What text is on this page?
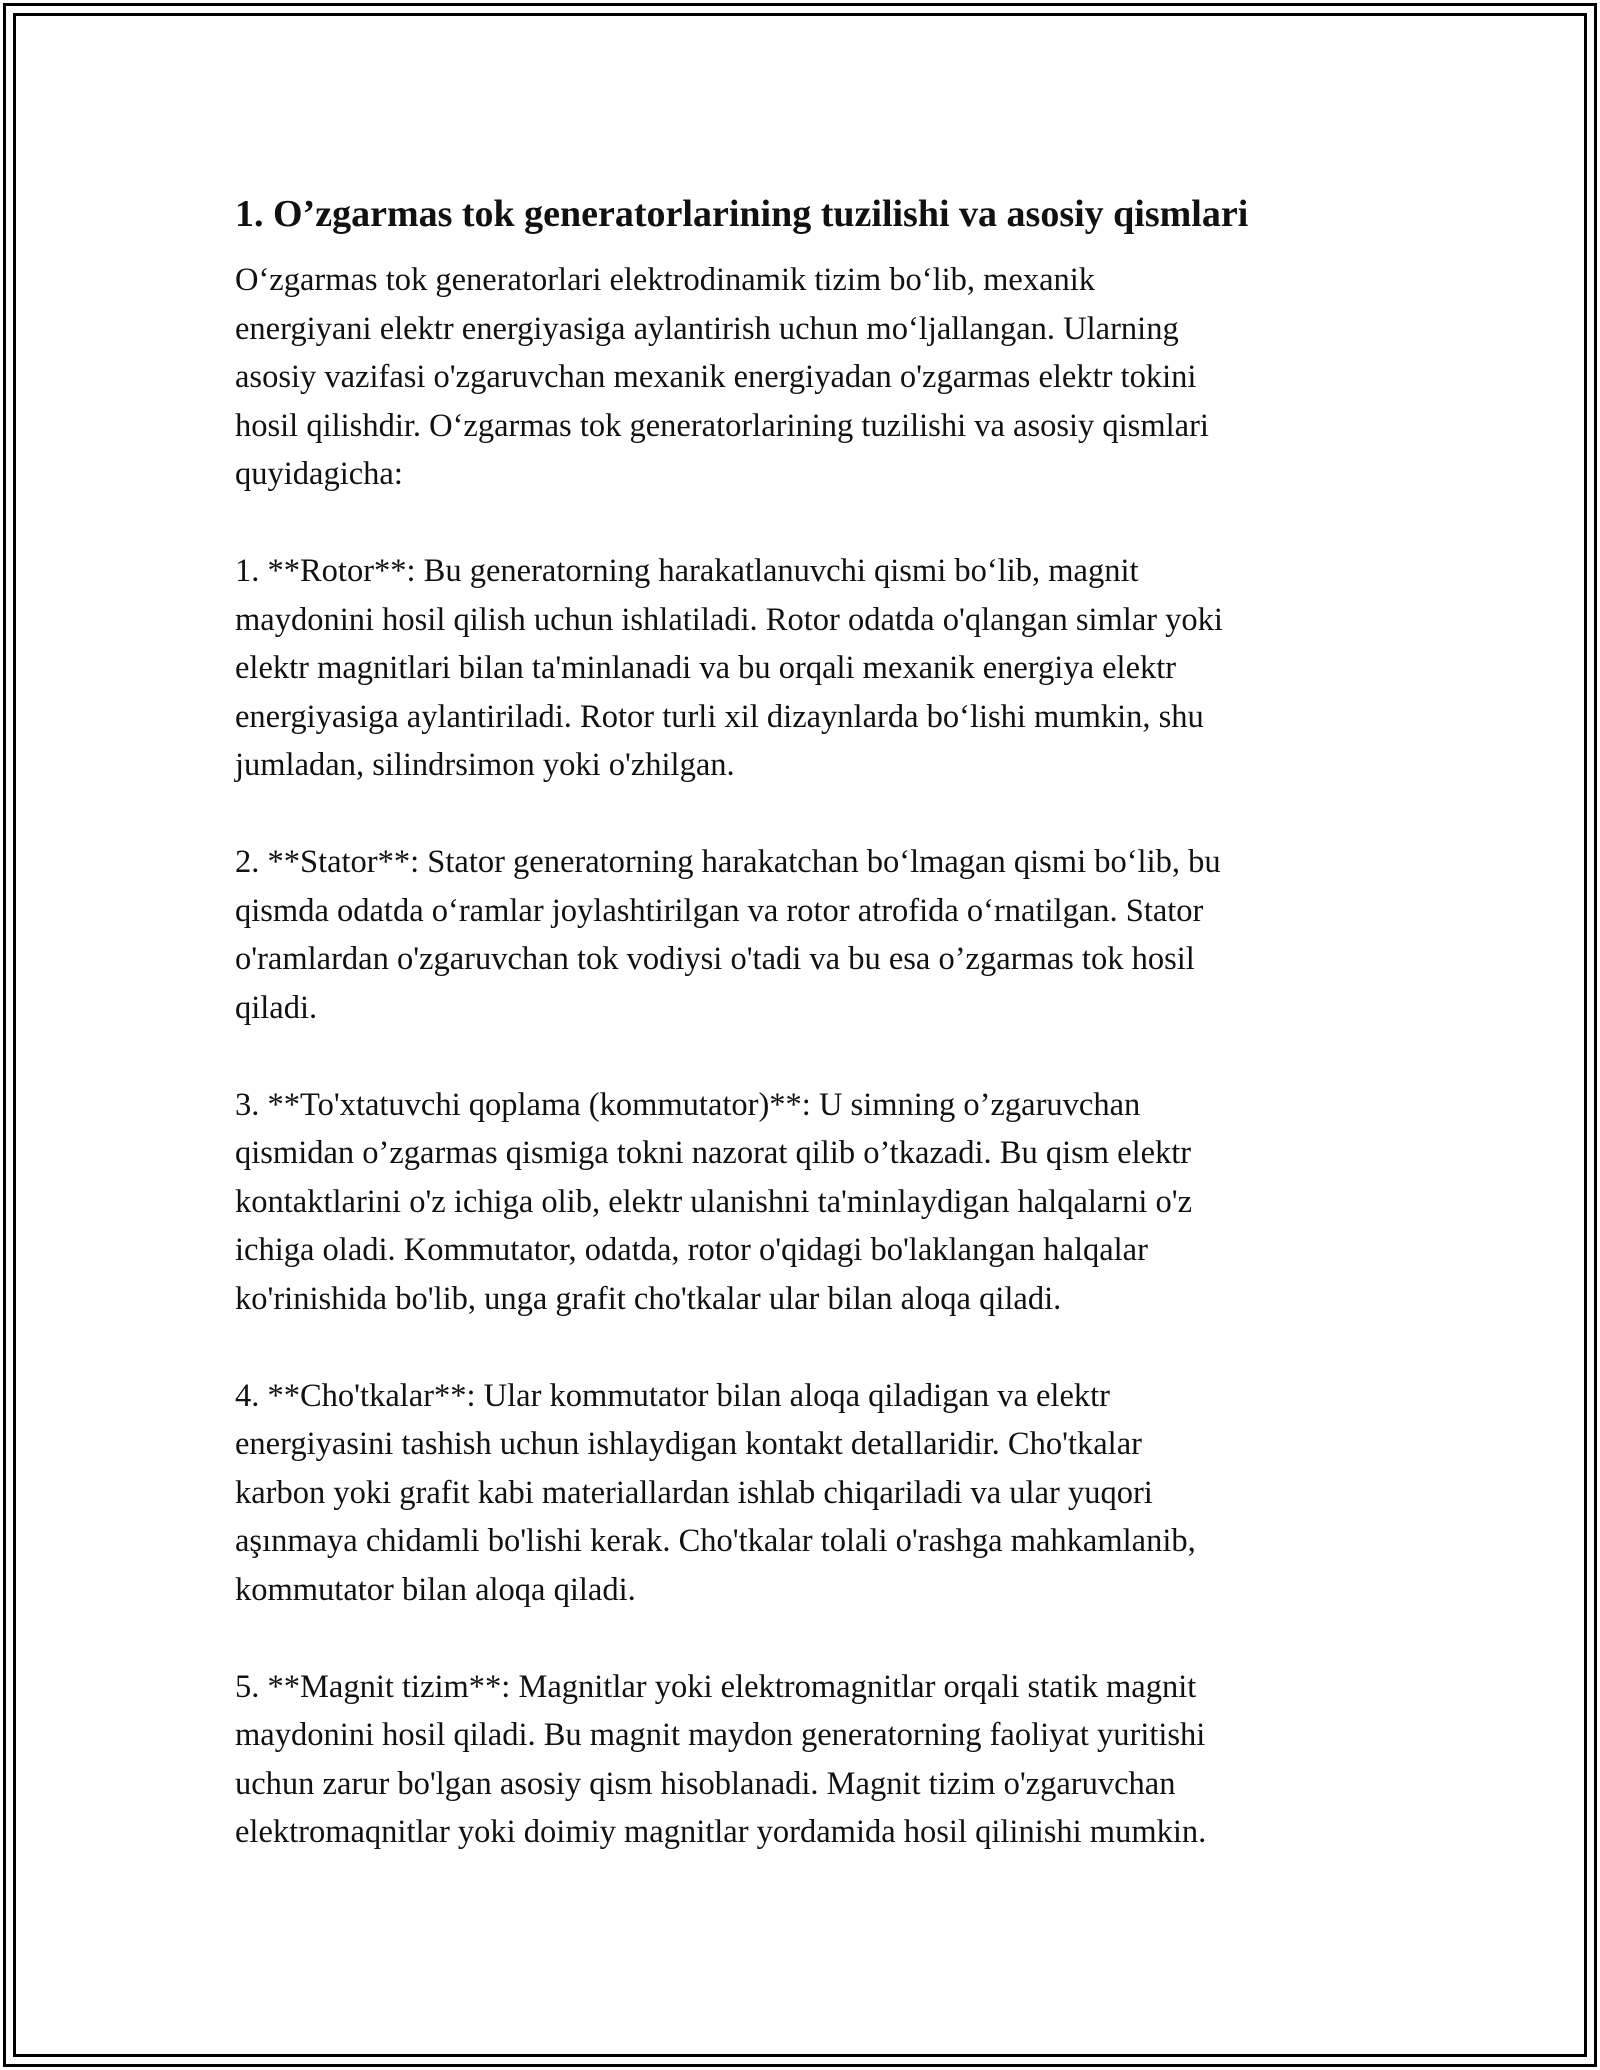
1. O’zgarmas tok generatorlarining tuzilishi va asosiy qismlari

O‘zgarmas tok generatorlari elektrodinamik tizim bo‘lib, mexanik
energiyani elektr energiyasiga aylantirish uchun mo‘ljallangan. Ularning
asosiy vazifasi o'zgaruvchan mexanik energiyadan o'zgarmas elektr tokini
hosil qilishdir. O‘zgarmas tok generatorlarining tuzilishi va asosiy qismlari
quyidagicha:

1. **Rotor**: Bu generatorning harakatlanuvchi qismi bo‘lib, magnit
maydonini hosil qilish uchun ishlatiladi. Rotor odatda o'qlangan simlar yoki
elektr magnitlari bilan ta'minlanadi va bu orqali mexanik energiya elektr
energiyasiga aylantiriladi. Rotor turli xil dizaynlarda bo‘lishi mumkin, shu
jumladan, silindrsimon yoki o'zhilgan.

2. **Stator**: Stator generatorning harakatchan bo‘lmagan qismi bo‘lib, bu
qismda odatda o‘ramlar joylashtirilgan va rotor atrofida o‘rnatilgan. Stator
o'ramlardan o'zgaruvchan tok vodiysi o'tadi va bu esa o’zgarmas tok hosil
qiladi.

3. **To'xtatuvchi qoplama (kommutator)**: U simning o’zgaruvchan
qismidan o’zgarmas qismiga tokni nazorat qilib o’tkazadi. Bu qism elektr
kontaktlarini o'z ichiga olib, elektr ulanishni ta'minlaydigan halqalarni o'z
ichiga oladi. Kommutator, odatda, rotor o'qidagi bo'laklangan halqalar
ko'rinishida bo'lib, unga grafit cho'tkalar ular bilan aloqa qiladi.

4. **Cho'tkalar**: Ular kommutator bilan aloqa qiladigan va elektr
energiyasini tashish uchun ishlaydigan kontakt detallaridir. Cho'tkalar
karbon yoki grafit kabi materiallardan ishlab chiqariladi va ular yuqori
aşınmaya chidamli bo'lishi kerak. Cho'tkalar tolali o'rashga mahkamlanib,
kommutator bilan aloqa qiladi.

5. **Magnit tizim**: Magnitlar yoki elektromagnitlar orqali statik magnit
maydonini hosil qiladi. Bu magnit maydon generatorning faoliyat yuritishi
uchun zarur bo'lgan asosiy qism hisoblanadi. Magnit tizim o'zgaruvchan
elektromaqnitlar yoki doimiy magnitlar yordamida hosil qilinishi mumkin.
